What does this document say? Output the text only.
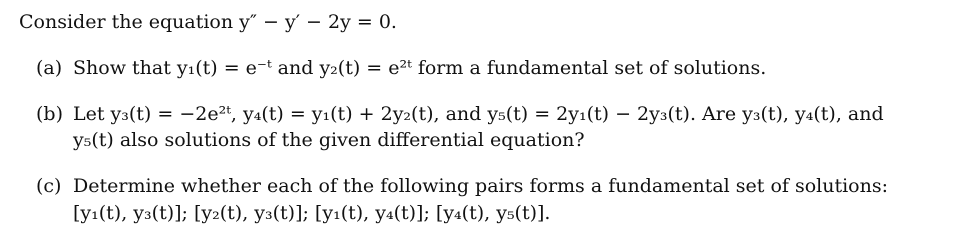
Consider the equation y″ − y′ − 2y = 0.
(a) Show that y₁(t) = e⁻ᵗ and y₂(t) = e²ᵗ form a fundamental set of solutions.
(b) Let y₃(t) = −2e²ᵗ, y₄(t) = y₁(t) + 2y₂(t), and y₅(t) = 2y₁(t) − 2y₃(t). Are y₃(t), y₄(t), and
y₅(t) also solutions of the given differential equation?
(c) Determine whether each of the following pairs forms a fundamental set of solutions:
[y₁(t), y₃(t)]; [y₂(t), y₃(t)]; [y₁(t), y₄(t)]; [y₄(t), y₅(t)].
